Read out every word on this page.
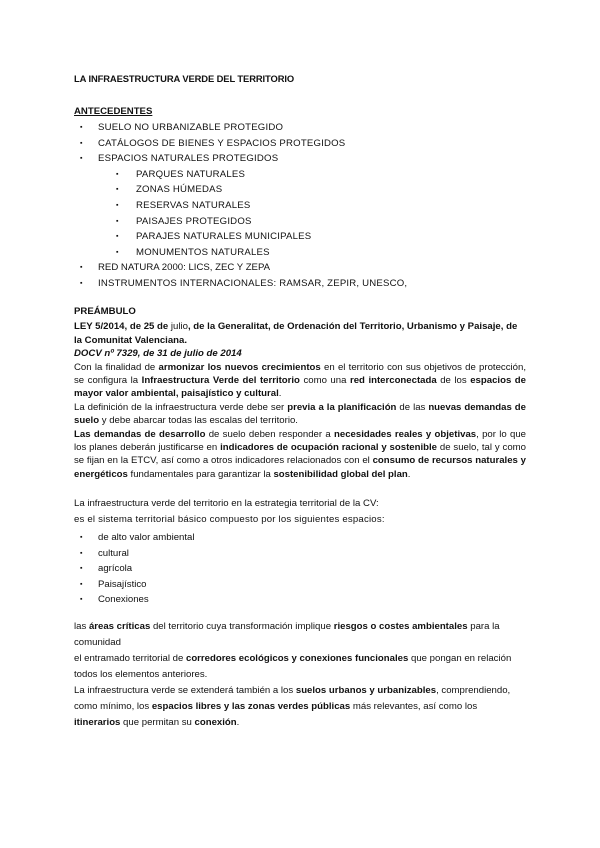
LA INFRAESTRUCTURA VERDE DEL TERRITORIO
ANTECEDENTES
▪ SUELO NO URBANIZABLE PROTEGIDO
▪ CATÁLOGOS DE BIENES Y ESPACIOS PROTEGIDOS
▪ ESPACIOS NATURALES PROTEGIDOS
▪ PARQUES NATURALES
▪ ZONAS HÚMEDAS
▪ RESERVAS NATURALES
▪ PAISAJES PROTEGIDOS
▪ PARAJES NATURALES MUNICIPALES
▪ MONUMENTOS NATURALES
▪ RED NATURA 2000: LICS, ZEC Y ZEPA
▪ INSTRUMENTOS INTERNACIONALES: RAMSAR, ZEPIR, UNESCO,
PREÁMBULO

LEY 5/2014, de 25 de julio, de la Generalitat, de Ordenación del Territorio, Urbanismo y Paisaje, de la Comunitat Valenciana.

DOCV nº 7329, de 31 de julio de 2014

Con la finalidad de armonizar los nuevos crecimientos en el territorio con sus objetivos de protección, se configura la Infraestructura Verde del territorio como una red interconectada de los espacios de mayor valor ambiental, paisajístico y cultural.

La definición de la infraestructura verde debe ser previa a la planificación de las nuevas demandas de suelo y debe abarcar todas las escalas del territorio.

Las demandas de desarrollo de suelo deben responder a necesidades reales y objetivas, por lo que los planes deberán justificarse en indicadores de ocupación racional y sostenible de suelo, tal y como se fijan en la ETCV, así como a otros indicadores relacionados con el consumo de recursos naturales y energéticos fundamentales para garantizar la sostenibilidad global del plan.

La infraestructura verde del territorio en la estrategia territorial de la CV:

es el sistema territorial básico compuesto por los siguientes espacios:

▪ de alto valor ambiental
▪ cultural
▪ agrícola
▪ Paisajístico
▪ Conexiones

las áreas críticas del territorio cuya transformación implique riesgos o costes ambientales para la comunidad

el entramado territorial de corredores ecológicos y conexiones funcionales que pongan en relación todos los elementos anteriores.

La infraestructura verde se extenderá también a los suelos urbanos y urbanizables, comprendiendo, como mínimo, los espacios libres y las zonas verdes públicas más relevantes, así como los itinerarios que permitan su conexión.
